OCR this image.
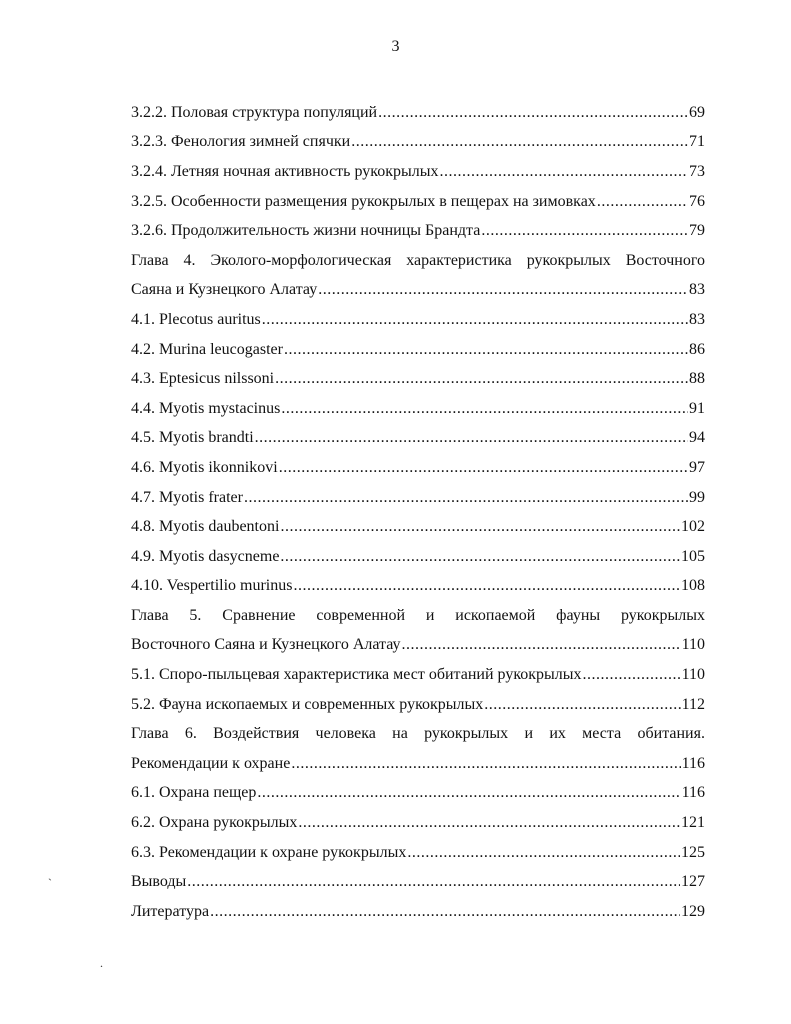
3
3.2.2. Половая структура популяций .....	69
3.2.3. Фенология зимней спячки .....	71
3.2.4. Летняя ночная активность рукокрылых .....	73
3.2.5. Особенности размещения рукокрылых в пещерах на зимовках .....	76
3.2.6. Продолжительность жизни ночницы Брандта .....	79
Глава 4. Эколого-морфологическая характеристика рукокрылых Восточного
Саяна и Кузнецкого Алатау .....	83
4.1. Plecotus auritus .....	83
4.2. Murina leucogaster .....	86
4.3. Eptesicus nilssoni .....	88
4.4. Myotis mystacinus .....	91
4.5. Myotis brandti .....	94
4.6. Myotis ikonnikovi .....	97
4.7. Myotis frater .....	99
4.8. Myotis daubentoni .....	102
4.9. Myotis dasycneme .....	105
4.10. Vespertilio murinus .....	108
Глава 5. Сравнение современной и ископаемой фауны рукокрылых
Восточного Саяна и Кузнецкого Алатау .....	110
5.1. Споро-пыльцевая характеристика мест обитаний рукокрылых .....	110
5.2. Фауна ископаемых и современных рукокрылых .....	112
Глава 6. Воздействия человека на рукокрылых и их места обитания.
Рекомендации к охране .....	116
6.1. Охрана пещер .....	116
6.2. Охрана рукокрылых .....	121
6.3. Рекомендации к охране рукокрылых .....	125
Выводы .....	127
Литература .....	129
`
.
